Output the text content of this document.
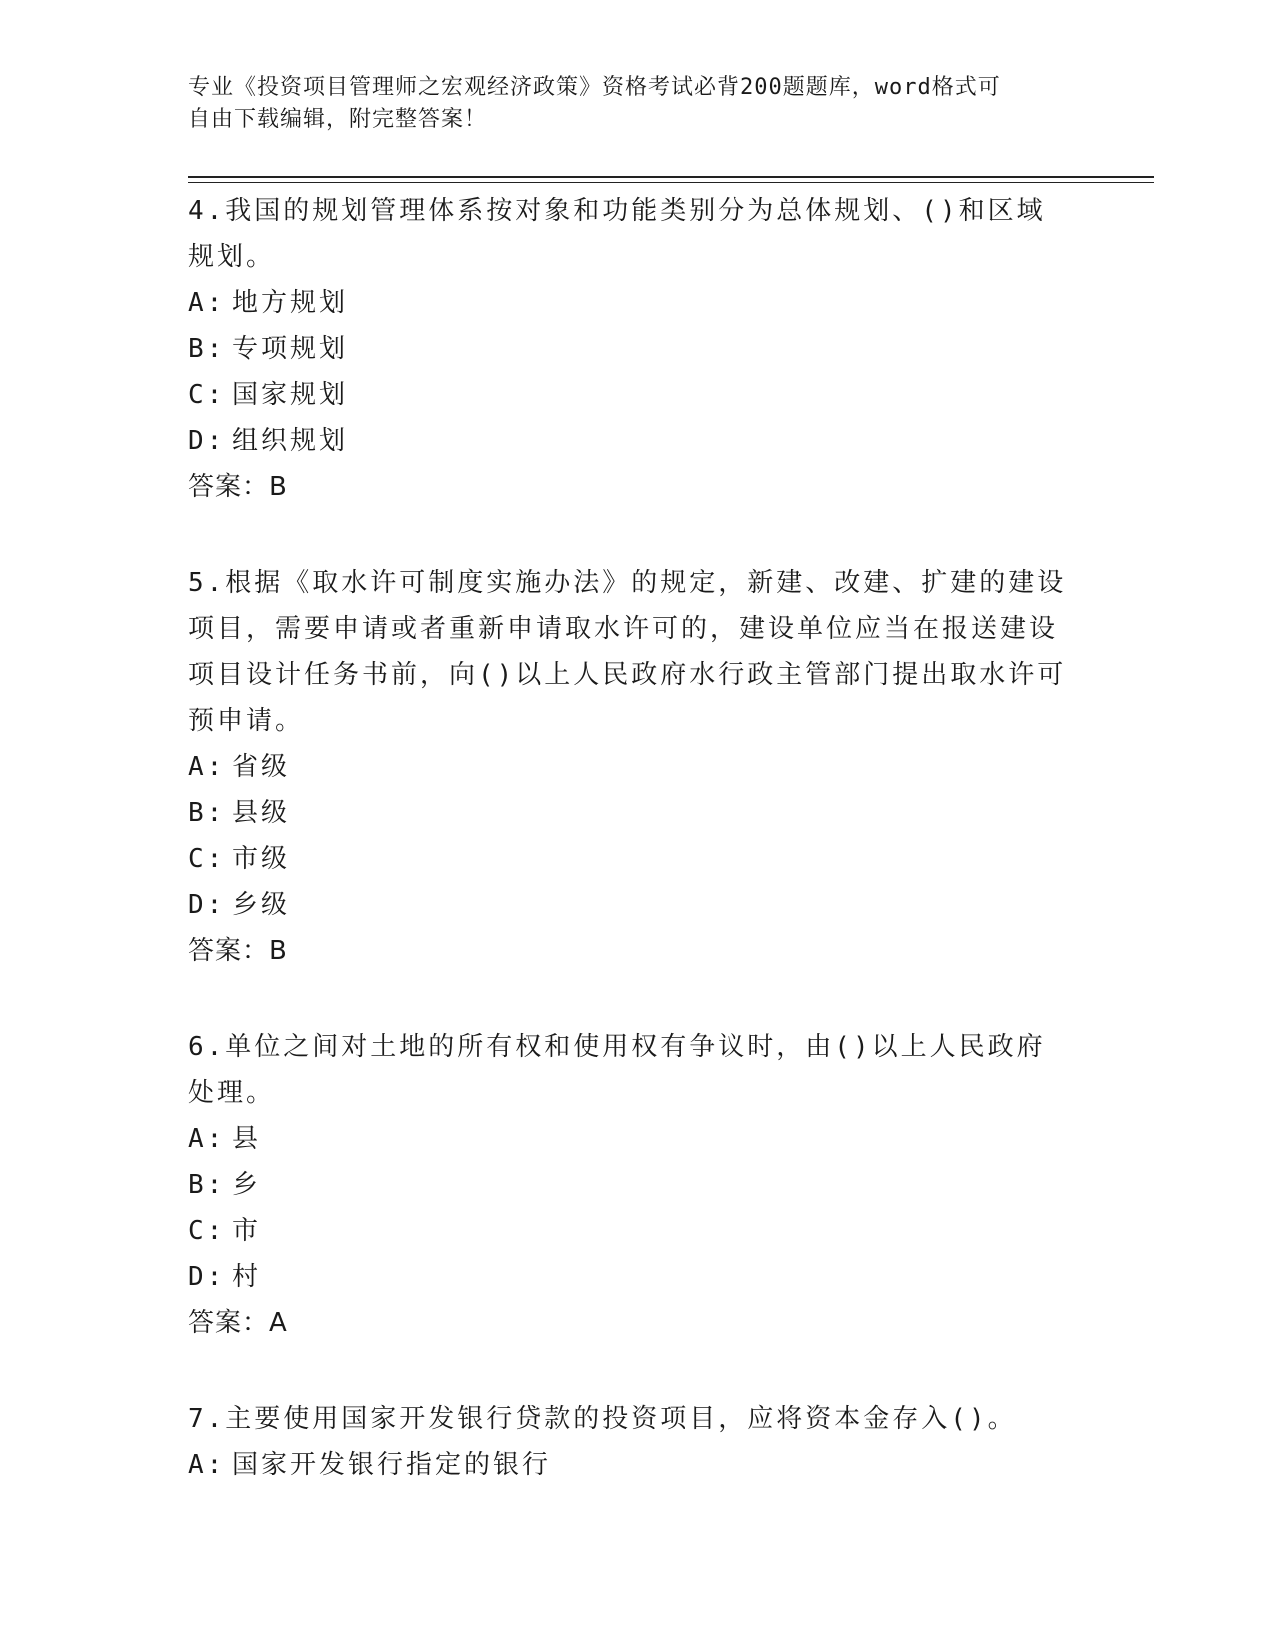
专业《投资项目管理师之宏观经济政策》资格考试必背200题题库，word格式可
自由下载编辑，附完整答案！
4.我国的规划管理体系按对象和功能类别分为总体规划、()和区域规划。
A: 地方规划
B: 专项规划
C: 国家规划
D: 组织规划
答案：B
5.根据《取水许可制度实施办法》的规定，新建、改建、扩建的建设项目，需要申请或者重新申请取水许可的，建设单位应当在报送建设项目设计任务书前，向()以上人民政府水行政主管部门提出取水许可预申请。
A: 省级
B: 县级
C: 市级
D: 乡级
答案：B
6.单位之间对土地的所有权和使用权有争议时，由()以上人民政府处理。
A: 县
B: 乡
C: 市
D: 村
答案：A
7.主要使用国家开发银行贷款的投资项目，应将资本金存入()。
A: 国家开发银行指定的银行
